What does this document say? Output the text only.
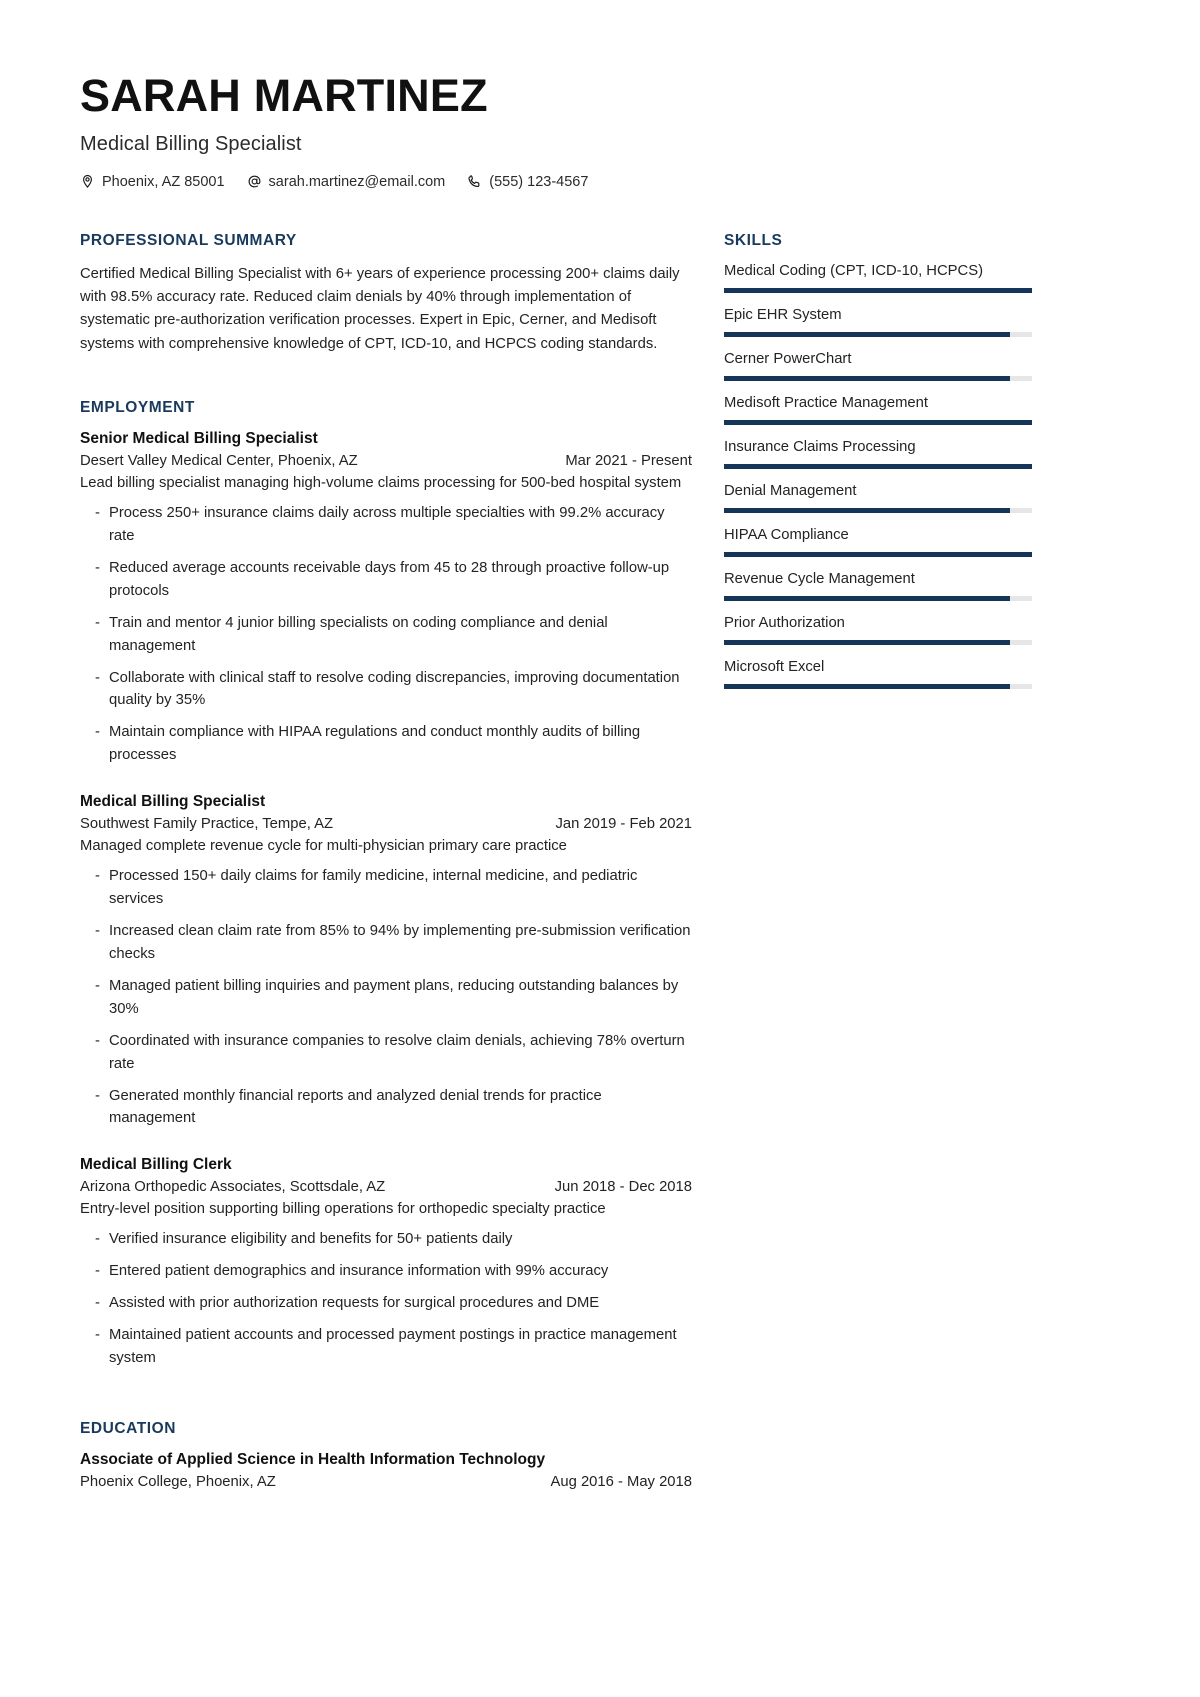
SARAH MARTINEZ
Medical Billing Specialist
Phoenix, AZ 85001	sarah.martinez@email.com	(555) 123-4567
PROFESSIONAL SUMMARY

Certified Medical Billing Specialist with 6+ years of experience processing 200+ claims daily with 98.5% accuracy rate. Reduced claim denials by 40% through implementation of systematic pre-authorization verification processes. Expert in Epic, Cerner, and Medisoft systems with comprehensive knowledge of CPT, ICD-10, and HCPCS coding standards.

EMPLOYMENT
Senior Medical Billing Specialist
Desert Valley Medical Center, Phoenix, AZ	Mar 2021 - Present
Lead billing specialist managing high-volume claims processing for 500-bed hospital system
- Process 250+ insurance claims daily across multiple specialties with 99.2% accuracy rate
- Reduced average accounts receivable days from 45 to 28 through proactive follow-up protocols
- Train and mentor 4 junior billing specialists on coding compliance and denial management
- Collaborate with clinical staff to resolve coding discrepancies, improving documentation quality by 35%
- Maintain compliance with HIPAA regulations and conduct monthly audits of billing processes
Medical Billing Specialist
Southwest Family Practice, Tempe, AZ	Jan 2019 - Feb 2021
Managed complete revenue cycle for multi-physician primary care practice
- Processed 150+ daily claims for family medicine, internal medicine, and pediatric services
- Increased clean claim rate from 85% to 94% by implementing pre-submission verification checks
- Managed patient billing inquiries and payment plans, reducing outstanding balances by 30%
- Coordinated with insurance companies to resolve claim denials, achieving 78% overturn rate
- Generated monthly financial reports and analyzed denial trends for practice management
Medical Billing Clerk
Arizona Orthopedic Associates, Scottsdale, AZ	Jun 2018 - Dec 2018
Entry-level position supporting billing operations for orthopedic specialty practice
- Verified insurance eligibility and benefits for 50+ patients daily
- Entered patient demographics and insurance information with 99% accuracy
- Assisted with prior authorization requests for surgical procedures and DME
- Maintained patient accounts and processed payment postings in practice management system
EDUCATION
Associate of Applied Science in Health Information Technology
Phoenix College, Phoenix, AZ	Aug 2016 - May 2018
SKILLS
Medical Coding (CPT, ICD-10, HCPCS)
Epic EHR System
Cerner PowerChart
Medisoft Practice Management
Insurance Claims Processing
Denial Management
HIPAA Compliance
Revenue Cycle Management
Prior Authorization
Microsoft Excel
